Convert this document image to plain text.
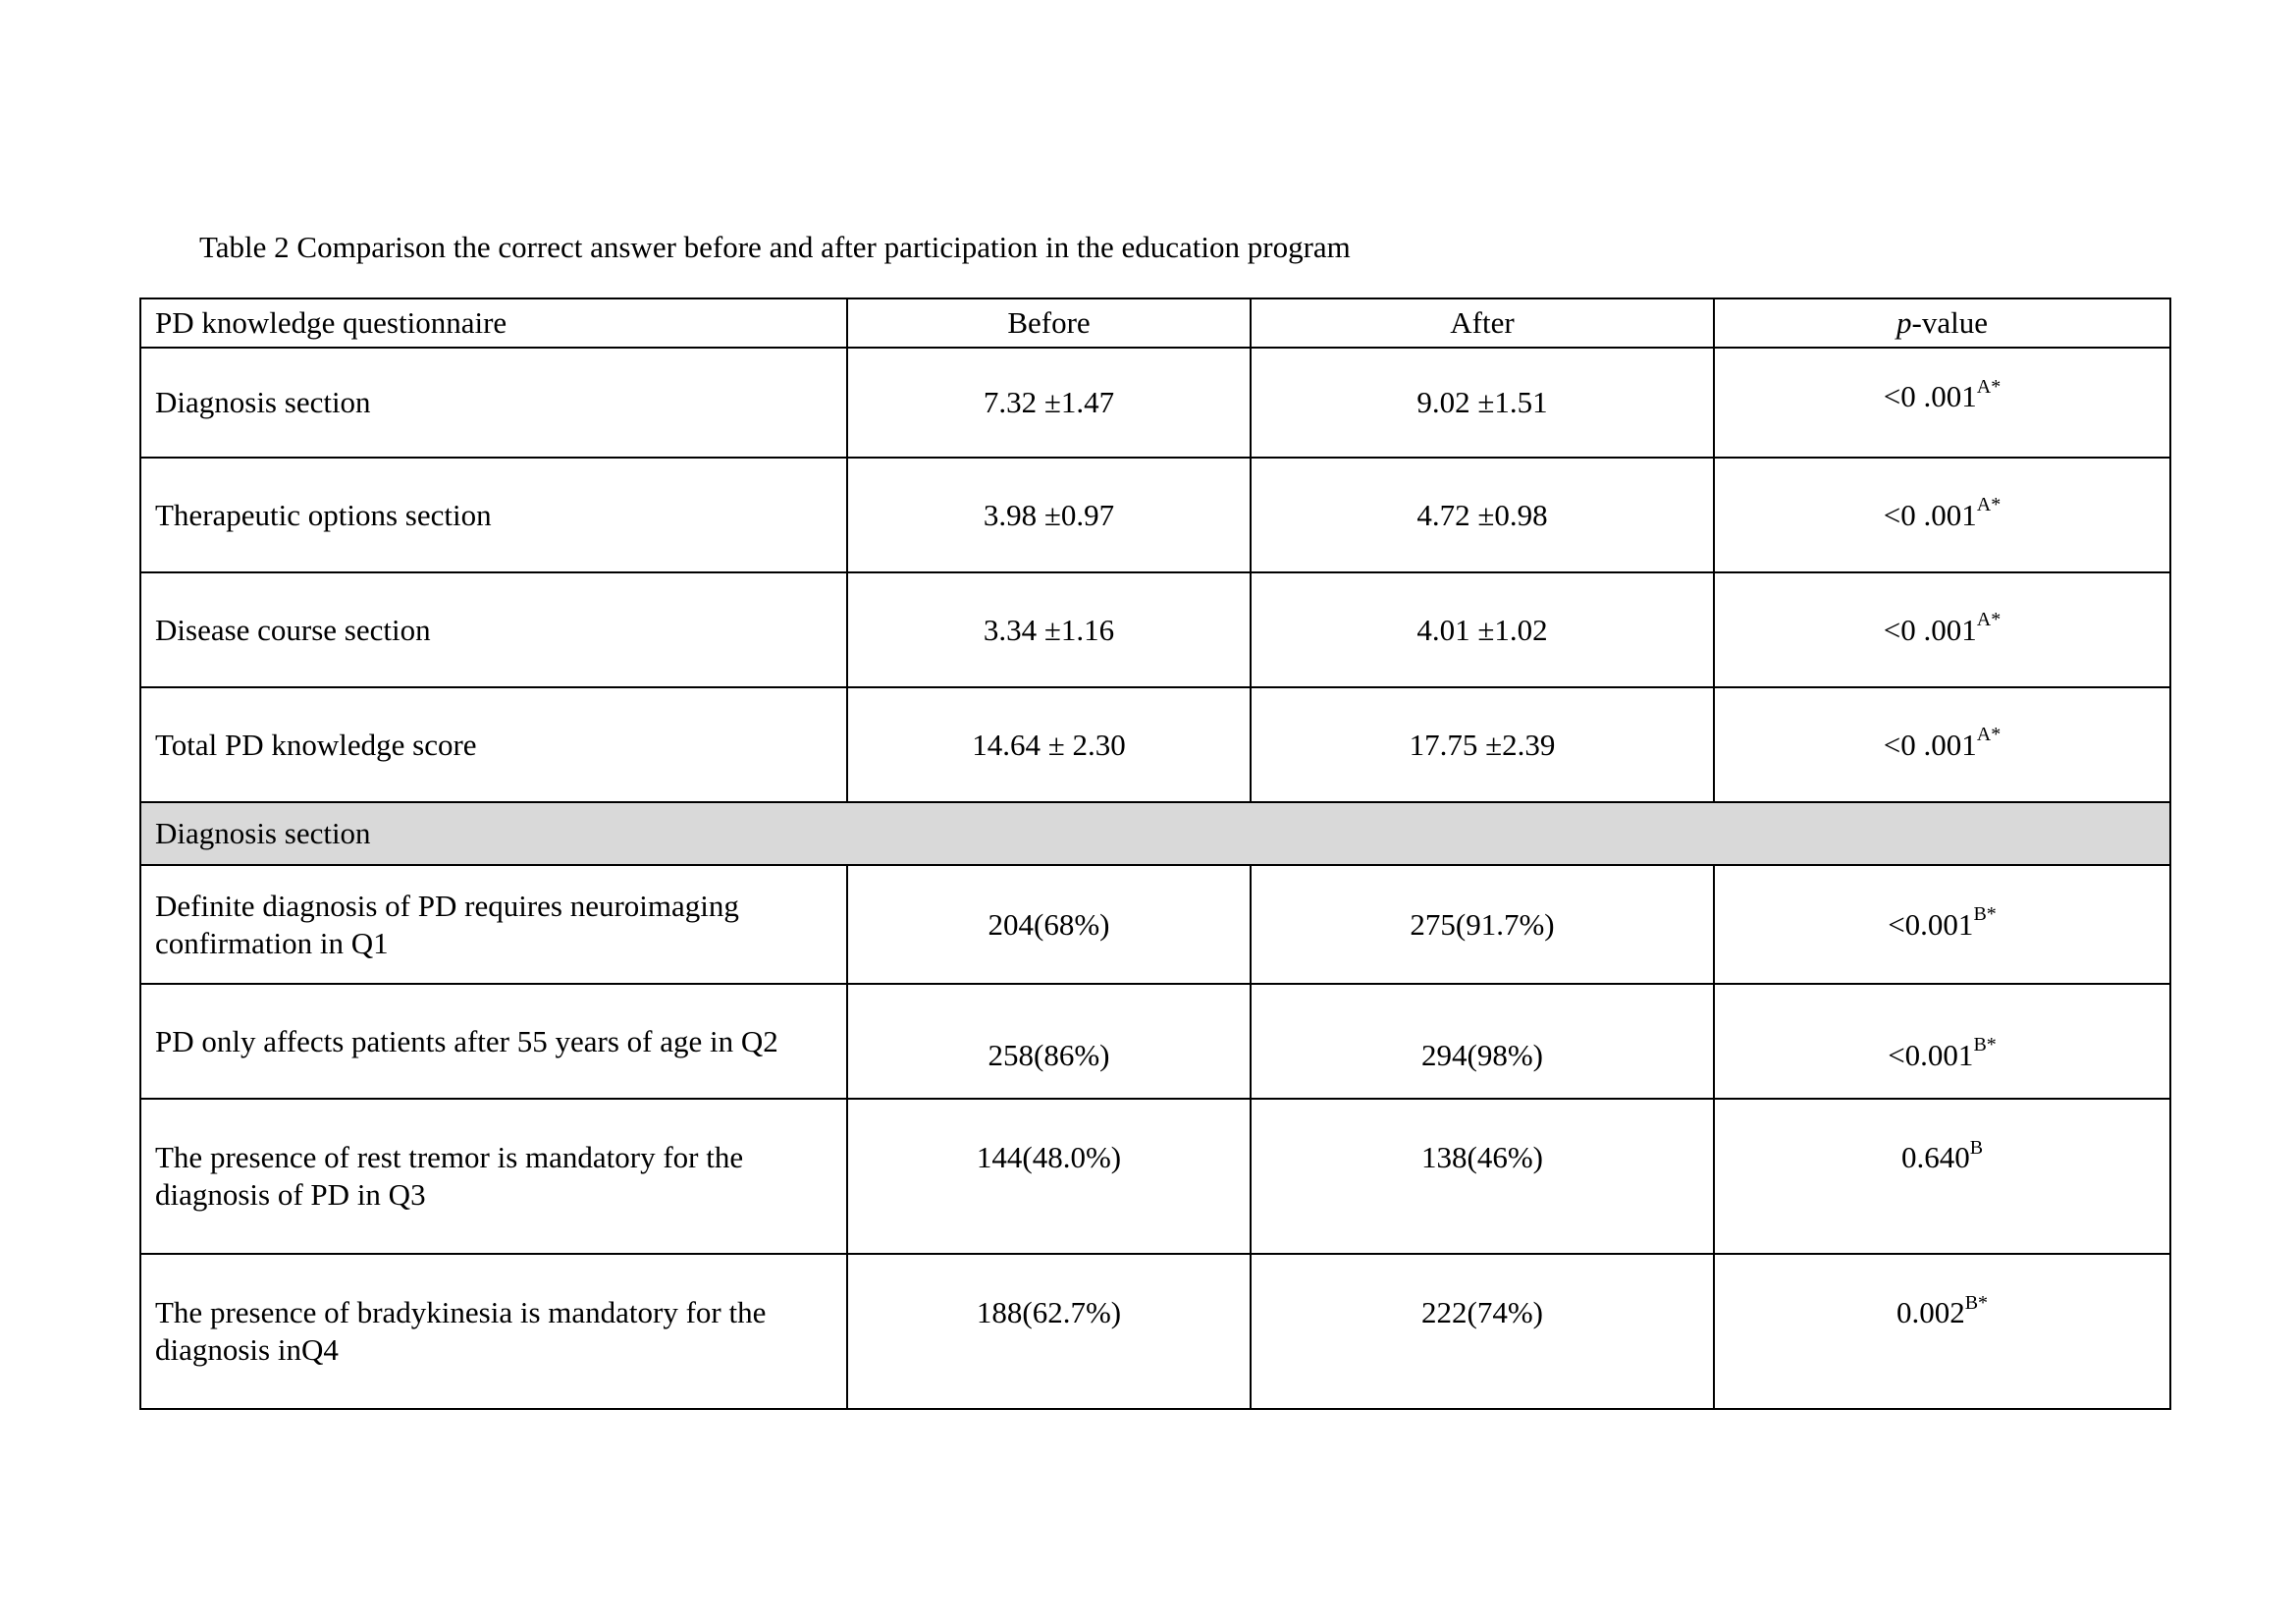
Table 2 Comparison the correct answer before and after participation in the education program
PD knowledge questionnaire	Before	After	p-value
Diagnosis section	7.32 ±1.47	9.02 ±1.51	<0 $.001^{A*}$
Therapeutic options section	3.98 ±0.97	4.72 ±0.98	<0 $.001^{A*}$
Disease course section	3.34 ±1.16	4.01 ±1.02	<0 $.001^{A*}$
Total PD knowledge score	14.64 ± 2.30	17.75 ±2.39	<0 $.001^{A*}$
Diagnosis section			
Definite diagnosis of PD requires neuroimaging confirmation in Q1	204(68%)	275(91.7%)	$<0.001^{B*}$
PD only affects patients after 55 years of age in Q2	258(86%)	294(98%)	$<0.001^{B*}$
The presence of rest tremor is mandatory for the diagnosis of PD in Q3	144(48.0%)	138(46%)	$0.640^B$
The presence of bradykinesia is mandatory for the diagnosis inQ4	188(62.7%)	222(74%)	$0.002^{B*}$
